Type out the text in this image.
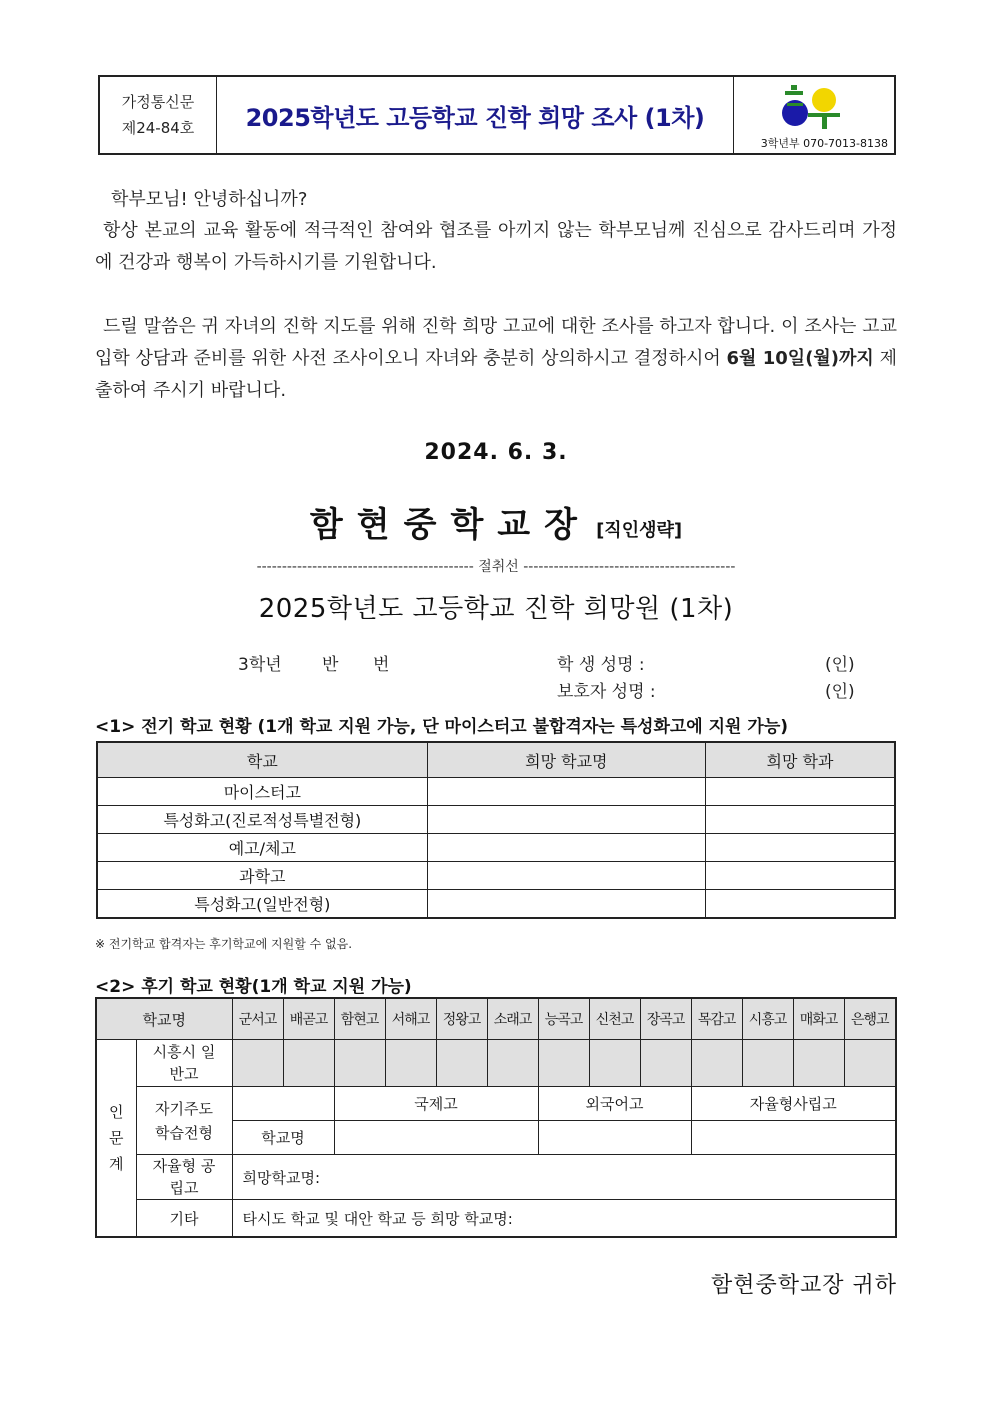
가정통신문
제24-84호	2025학년도 고등학교 진학 희망 조사 (1차)
3학년부 070-7013-8138

학부모님! 안녕하십니까?

항상 본교의 교육 활동에 적극적인 참여와 협조를 아끼지 않는 학부모님께 진심으로 감사드리며 가정에 건강과 행복이 가득하시기를 기원합니다.

드릴 말씀은 귀 자녀의 진학 지도를 위해 진학 희망 고교에 대한 조사를 하고자 합니다. 이 조사는 고교 입학 상담과 준비를 위한 사전 조사이오니 자녀와 충분히 상의하시고 결정하시어 6월 10일(월)까지 제출하여 주시기 바랍니다.

2024. 6. 3.
함현중학교장 [직인생략]
------------------------------------------- 절취선 ------------------------------------------
2025학년도 고등학교 진학 희망원 (1차)
3학년 반 번	학 생 성명 :	(인)
보호자 성명 :	(인)
<1> 전기 학교 현황 (1개 학교 지원 가능, 단 마이스터고 불합격자는 특성화고에 지원 가능)
학교	희망 학교명	희망 학과
마이스터고		
특성화고(진로적성특별전형)		
예고/체고		
과학고		
특성화고(일반전형)		
※ 전기학교 합격자는 후기학교에 지원할 수 없음.
<2> 후기 학교 현황(1개 학교 지원 가능)
학교명		군서고	배곧고	함현고	서해고	정왕고	소래고	능곡고	신천고	장곡고	목감고	시흥고	매화고	은행고

인문계	시흥시 일반고													
	자기주도 학습전형			국제고				외국어고			자율형사립고			
		학교명												
	자율형 공립고	희망학교명:												
	기타	타시도 학교 및 대안 학교 등 희망 학교명:												
함현중학교장 귀하
